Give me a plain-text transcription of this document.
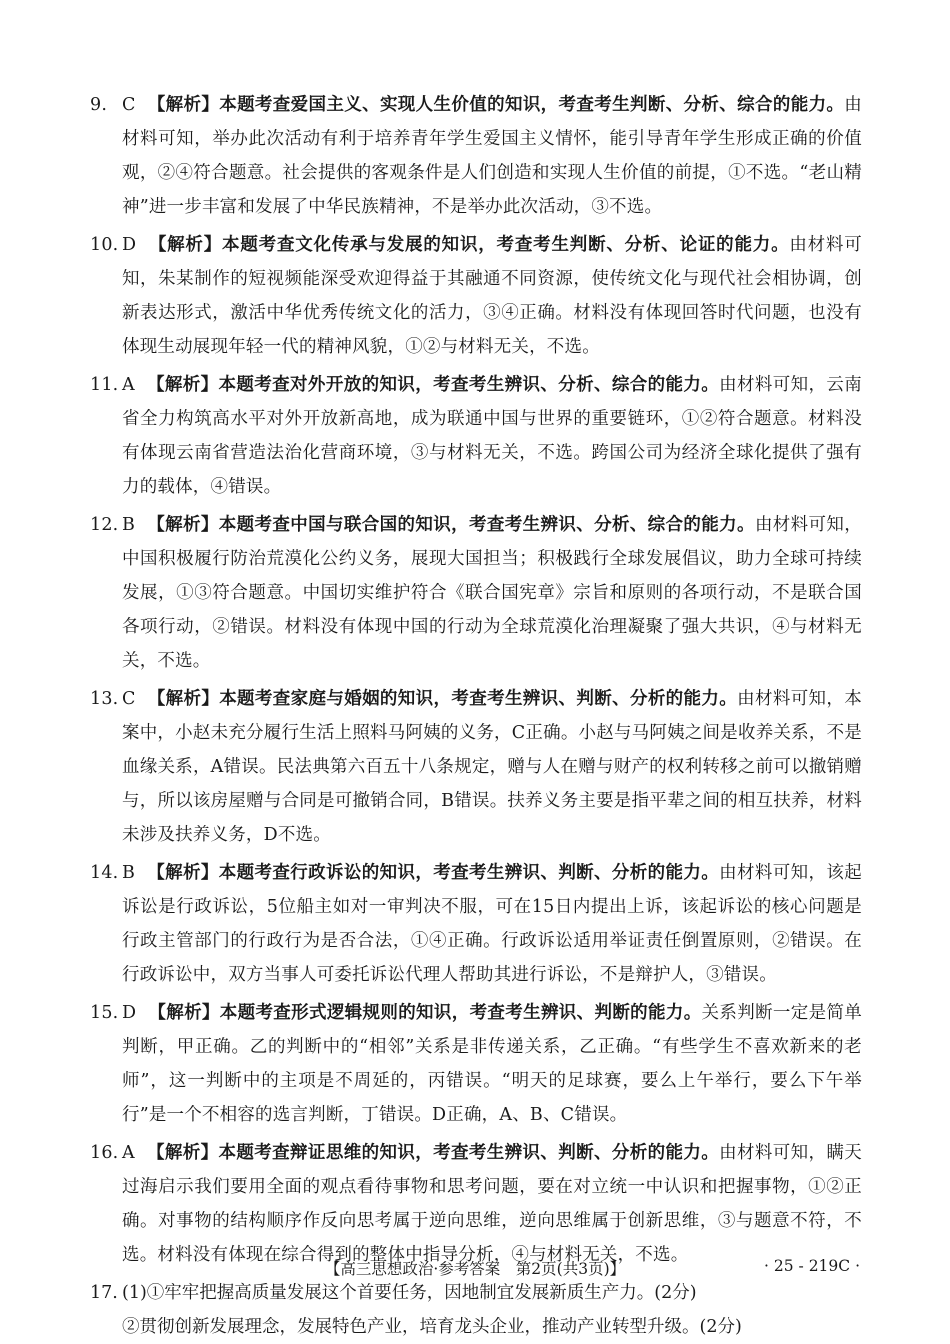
9. C 【解析】本题考查爱国主义、实现人生价值的知识，考查考生判断、分析、综合的能力。由材料可知，举办此次活动有利于培养青年学生爱国主义情怀，能引导青年学生形成正确的价值观，②④符合题意。社会提供的客观条件是人们创造和实现人生价值的前提，①不选。“老山精神”进一步丰富和发展了中华民族精神，不是举办此次活动，③不选。
10. D 【解析】本题考查文化传承与发展的知识，考查考生判断、分析、论证的能力。由材料可知，朱某制作的短视频能深受欢迎得益于其融通不同资源，使传统文化与现代社会相协调，创新表达形式，激活中华优秀传统文化的活力，③④正确。材料没有体现回答时代问题，也没有体现生动展现年轻一代的精神风貌，①②与材料无关，不选。
11. A 【解析】本题考查对外开放的知识，考查考生辨识、分析、综合的能力。由材料可知，云南省全力构筑高水平对外开放新高地，成为联通中国与世界的重要链环，①②符合题意。材料没有体现云南省营造法治化营商环境，③与材料无关，不选。跨国公司为经济全球化提供了强有力的载体，④错误。
12. B 【解析】本题考查中国与联合国的知识，考查考生辨识、分析、综合的能力。由材料可知，中国积极履行防治荒漠化公约义务，展现大国担当；积极践行全球发展倡议，助力全球可持续发展，①③符合题意。中国切实维护符合《联合国宪章》宗旨和原则的各项行动，不是联合国各项行动，②错误。材料没有体现中国的行动为全球荒漠化治理凝聚了强大共识，④与材料无关，不选。
13. C 【解析】本题考查家庭与婚姻的知识，考查考生辨识、判断、分析的能力。由材料可知，本案中，小赵未充分履行生活上照料马阿姨的义务，C正确。小赵与马阿姨之间是收养关系，不是血缘关系，A错误。民法典第六百五十八条规定，赠与人在赠与财产的权利转移之前可以撤销赠与，所以该房屋赠与合同是可撤销合同，B错误。扶养义务主要是指平辈之间的相互扶养，材料未涉及扶养义务，D不选。
14. B 【解析】本题考查行政诉讼的知识，考查考生辨识、判断、分析的能力。由材料可知，该起诉讼是行政诉讼，5位船主如对一审判决不服，可在15日内提出上诉，该起诉讼的核心问题是行政主管部门的行政行为是否合法，①④正确。行政诉讼适用举证责任倒置原则，②错误。在行政诉讼中，双方当事人可委托诉讼代理人帮助其进行诉讼，不是辩护人，③错误。
15. D 【解析】本题考查形式逻辑规则的知识，考查考生辨识、判断的能力。关系判断一定是简单判断，甲正确。乙的判断中的“相邻”关系是非传递关系，乙正确。“有些学生不喜欢新来的老师”，这一判断中的主项是不周延的，丙错误。“明天的足球赛，要么上午举行，要么下午举行”是一个不相容的选言判断，丁错误。D正确，A、B、C错误。
16. A 【解析】本题考查辩证思维的知识，考查考生辨识、判断、分析的能力。由材料可知，瞒天过海启示我们要用全面的观点看待事物和思考问题，要在对立统一中认识和把握事物，①②正确。对事物的结构顺序作反向思考属于逆向思维，逆向思维属于创新思维，③与题意不符，不选。材料没有体现在综合得到的整体中指导分析，④与材料无关，不选。
17. (1)①牢牢把握高质量发展这个首要任务，因地制宜发展新质生产力。(2分)
②贯彻创新发展理念，发展特色产业，培育龙头企业，推动产业转型升级。(2分)
【高三思想政治·参考答案　第2页(共3页)】	· 25 - 219C ·
